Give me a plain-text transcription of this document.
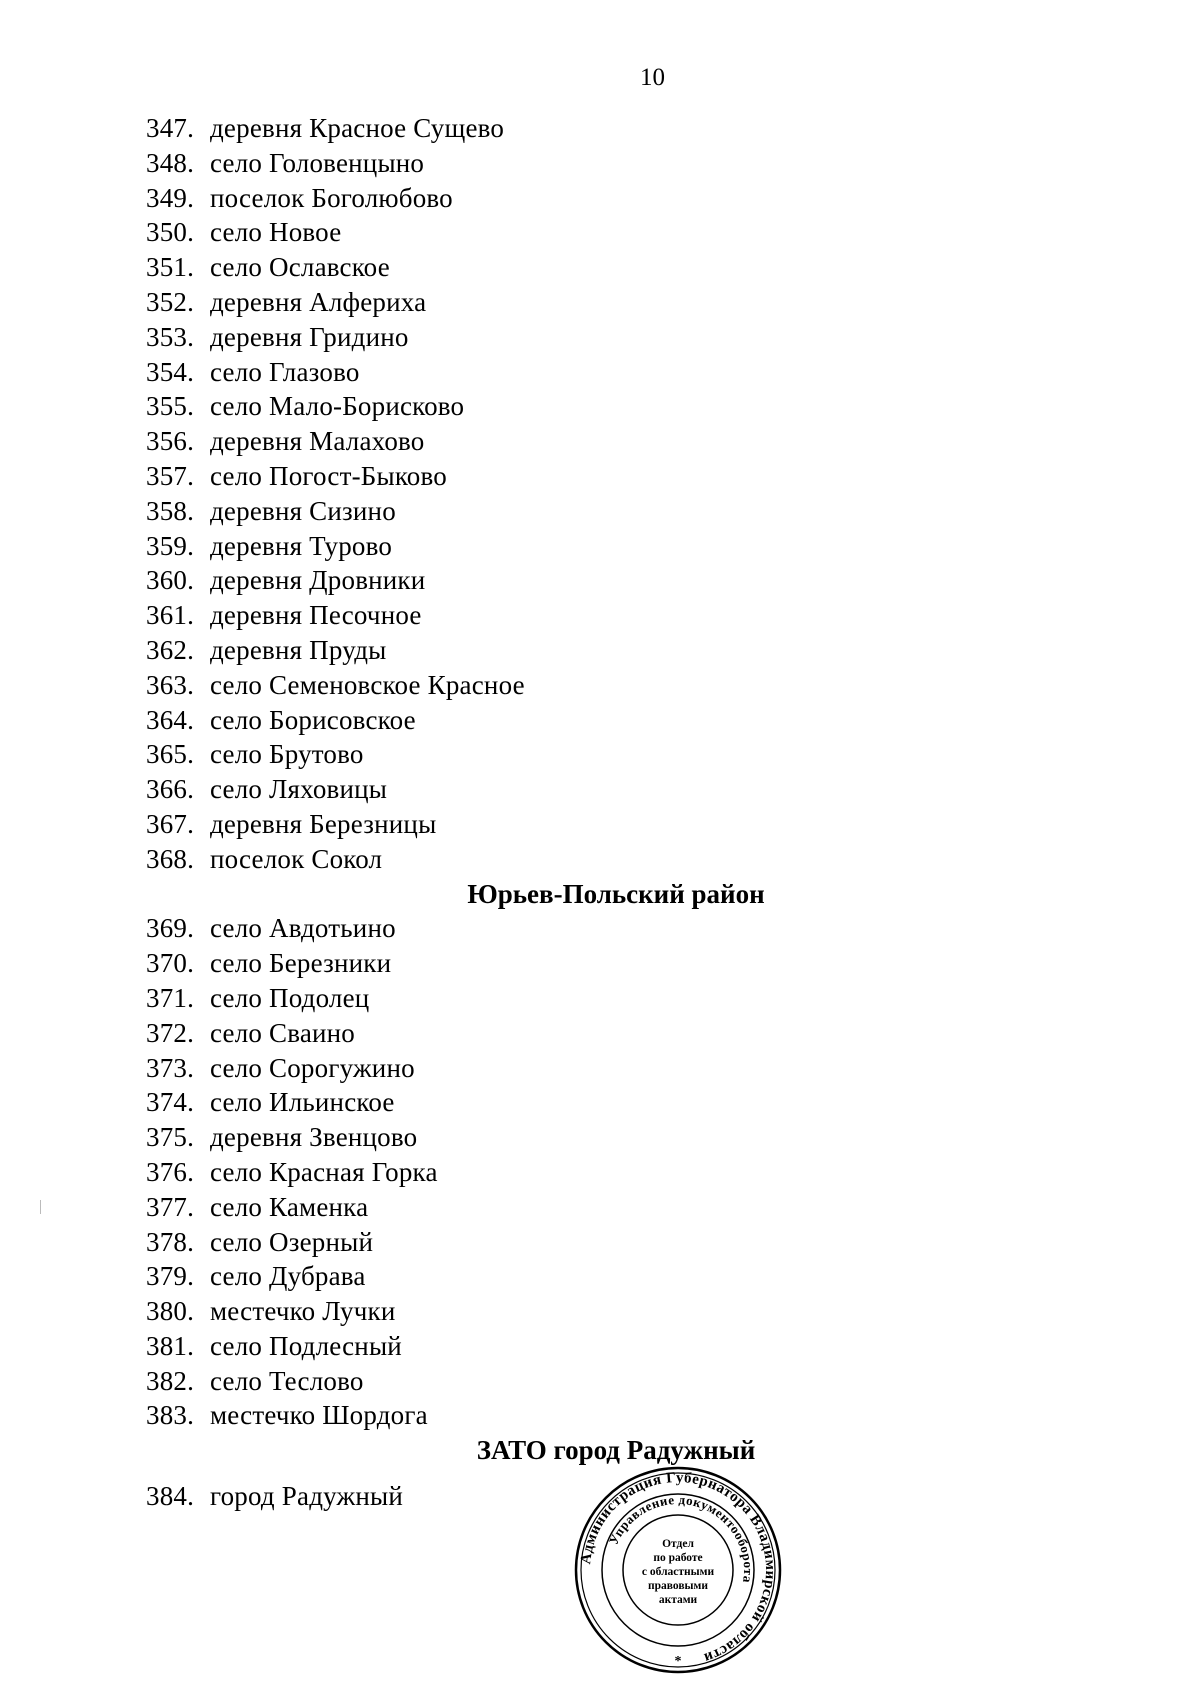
10
347. деревня Красное Сущево
348. село Головенцыно
349. поселок Боголюбово
350. село Новое
351. село Ославское
352. деревня Алфериха
353. деревня Гридино
354. село Глазово
355. село Мало-Борисково
356. деревня Малахово
357. село Погост-Быково
358. деревня Сизино
359. деревня Турово
360. деревня Дровники
361. деревня Песочное
362. деревня Пруды
363. село Семеновское Красное
364. село Борисовское
365. село Брутово
366. село Ляховицы
367. деревня Березницы
368. поселок Сокол
Юрьев-Польский район
369. село Авдотьино
370. село Березники
371. село Подолец
372. село Сваино
373. село Сорогужино
374. село Ильинское
375. деревня Звенцово
376. село Красная Горка
377. село Каменка
378. село Озерный
379. село Дубрава
380. местечко Лучки
381. село Подлесный
382. село Теслово
383. местечко Шордога
ЗАТО город Радужный
384. город Радужный
Администрация Губернатора Владимирской области
Управление документооборота
Отдел
по работе
с областными
правовыми
актами
*
